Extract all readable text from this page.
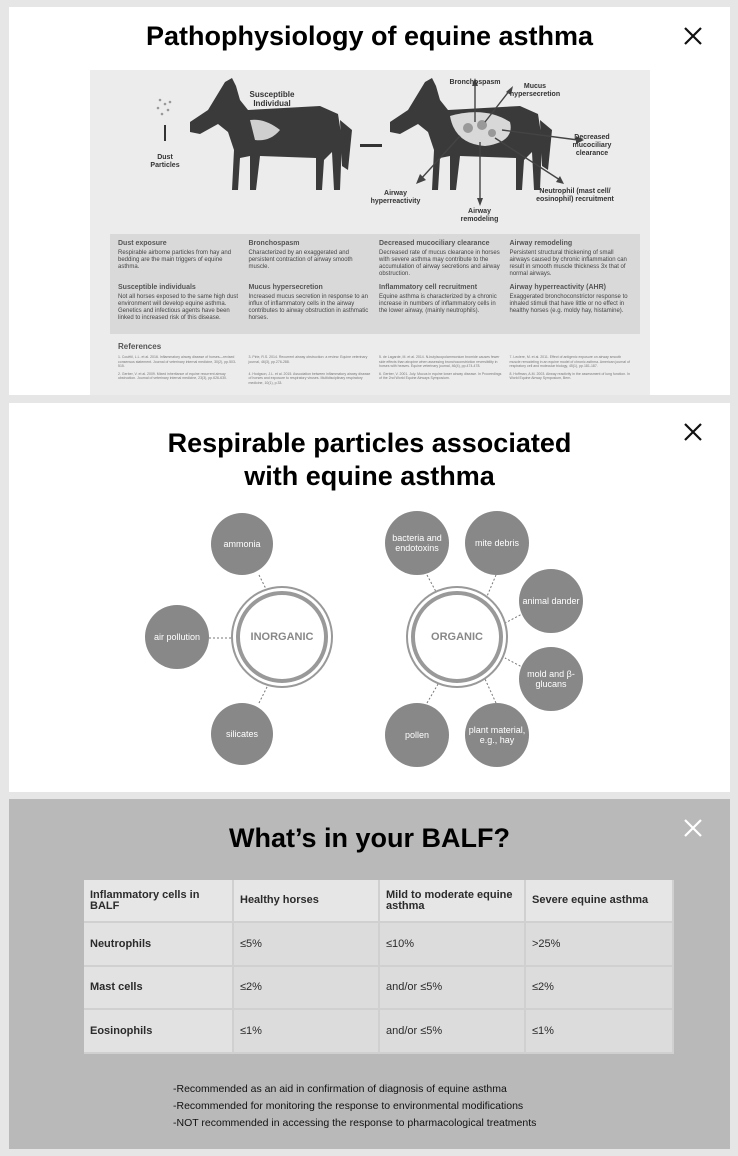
Pathophysiology of equine asthma
Susceptible Individual
Dust Particles
Bronchospasm
Mucus hypersecretion
Decreased mucociliary clearance
Neutrophil (mast cell/ eosinophil) recruitment
Airway remodeling
Airway hyperreactivity
Dust exposure
Respirable airborne particles from hay and bedding are the main triggers of equine asthma.
Bronchospasm
Characterized by an exaggerated and persistent contraction of airway smooth muscle.
Decreased mucociliary clearance
Decreased rate of mucus clearance in horses with severe asthma may contribute to the accumulation of airway secretions and airway obstruction.
Airway remodeling
Persistent structural thickening of small airways caused by chronic inflammation can result in smooth muscle thickness 3x that of normal airways.
Susceptible individuals
Not all horses exposed to the same high dust environment will develop equine asthma. Genetics and infectious agents have been linked to increased risk of this disease.
Mucus hypersecretion
Increased mucus secretion in response to an influx of inflammatory cells in the airway contributes to airway obstruction in asthmatic horses.
Inflammatory cell recruitment
Equine asthma is characterized by a chronic increase in numbers of inflammatory cells in the lower airway, (mainly neutrophils).
Airway hyperreactivity (AHR)
Exaggerated bronchoconstrictor response to inhaled stimuli that have little or no effect in healthy horses (e.g. moldy hay, histamine).
References
1. Couëtil, L.L. et al. 2016. Inflammatory airway disease of horses—revised consensus statement. Journal of veterinary internal medicine, 30(2), pp.503-515.
3. Pirie, R.S. 2014. Recurrent airway obstruction: a review. Equine veterinary journal, 46(3), pp.276-288.
5. de Lagarde, M. et al. 2014. N-butylscopolammonium bromide causes fewer side effects than atropine when assessing bronchoconstriction reversibility in horses with heaves. Equine veterinary journal, 46(4), pp.474-478.
7. Leclere, M. et al. 2011. Effect of antigenic exposure on airway smooth muscle remodeling in an equine model of chronic asthma. American journal of respiratory cell and molecular biology, 45(1), pp.181-187.
2. Gerber, V. et al. 2009. Mixed inheritance of equine recurrent airway obstruction. Journal of veterinary internal medicine, 23(3), pp.626-630.
4. Hodgson, J.L. et al. 2015. Association between inflammatory airway disease of horses and exposure to respiratory viruses. Multidisciplinary respiratory medicine, 10(1), p.33.
6. Gerber, V. 2001. July. Mucus in equine lower airway disease. In Proceedings of the 2nd World Equine Airways Symposium.
8. Hoffman, A.M. 2003. Airway reactivity in the assessment of lung function. In World Equine Airway Symposium, Bern.
Respirable particles associated
with equine asthma
INORGANIC
ammonia
air pollution
silicates
ORGANIC
bacteria and endotoxins	mite debris
animal dander
mold and β-glucans
plant material, e.g., hay
pollen
What’s in your BALF?
Inflammatory cells in BALF	Healthy horses	Mild to moderate equine asthma	Severe equine asthma
Neutrophils	≤5%	≤10%	>25%
Mast cells	≤2%	and/or ≤5%	≤2%
Eosinophils	≤1%	and/or ≤5%	≤1%
-Recommended as an aid in confirmation of diagnosis of equine asthma
-Recommended for monitoring the response to environmental modifications
-NOT recommended in accessing the response to pharmacological treatments
